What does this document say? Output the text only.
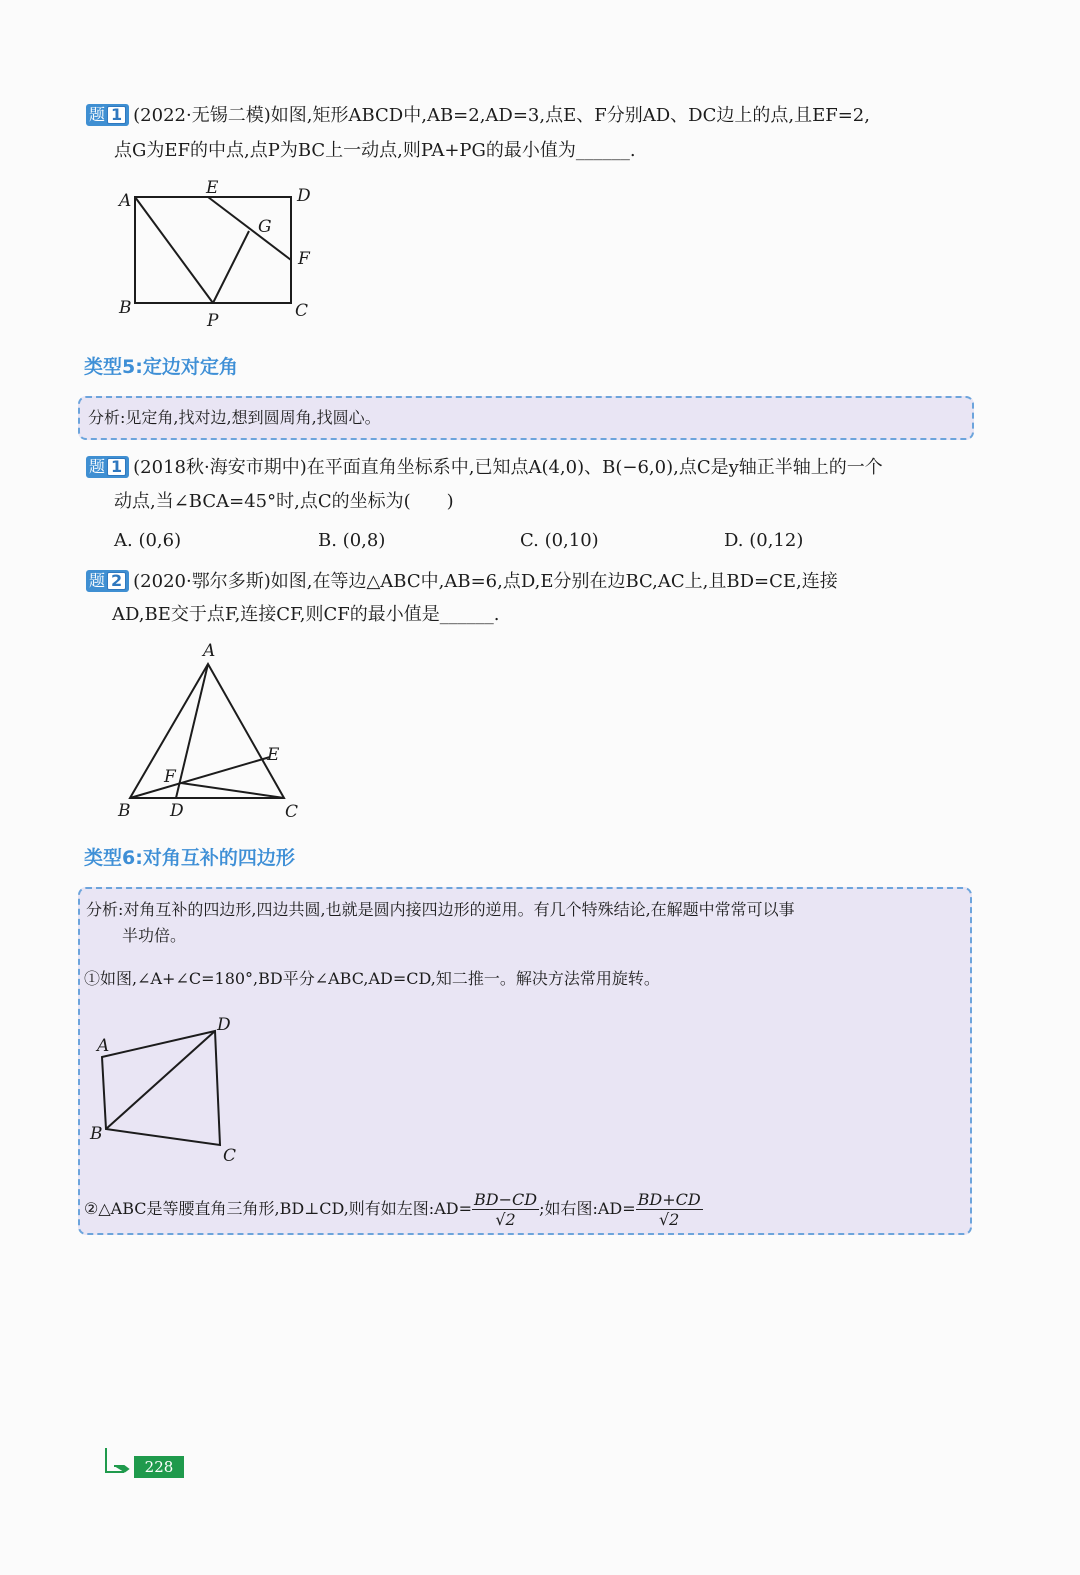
题 1 (2022·无锡二模)如图,矩形ABCD中,AB=2,AD=3,点E、F分别AD、DC边上的点,且EF=2,
点G为EF的中点,点P为BC上一动点,则PA+PG的最小值为______.
A
E	D
G
F
B	C
P
类型5:定边对定角
分析:见定角,找对边,想到圆周角,找圆心。
题 1 (2018秋·海安市期中)在平面直角坐标系中,已知点A(4,0)、B(−6,0),点C是y轴正半轴上的一个
动点,当∠BCA=45°时,点C的坐标为(　　)
A. (0,6)	B. (0,8)	C. (0,10)	D. (0,12)
题 2 (2020·鄂尔多斯)如图,在等边△ABC中,AB=6,点D,E分别在边BC,AC上,且BD=CE,连接
AD,BE交于点F,连接CF,则CF的最小值是______.
A
E
F
B D	C
类型6:对角互补的四边形
分析:对角互补的四边形,四边共圆,也就是圆内接四边形的逆用。有几个特殊结论,在解题中常常可以事
半功倍。
①如图,∠A+∠C=180°,BD平分∠ABC,AD=CD,知二推一。解决方法常用旋转。
A
D
B
C
②△ABC是等腰直角三角形,BD⊥CD,则有如左图:AD= $\frac{BD-CD}{√2}$ ;如右图:AD= $\frac{BD+CD}{√2}$
228
